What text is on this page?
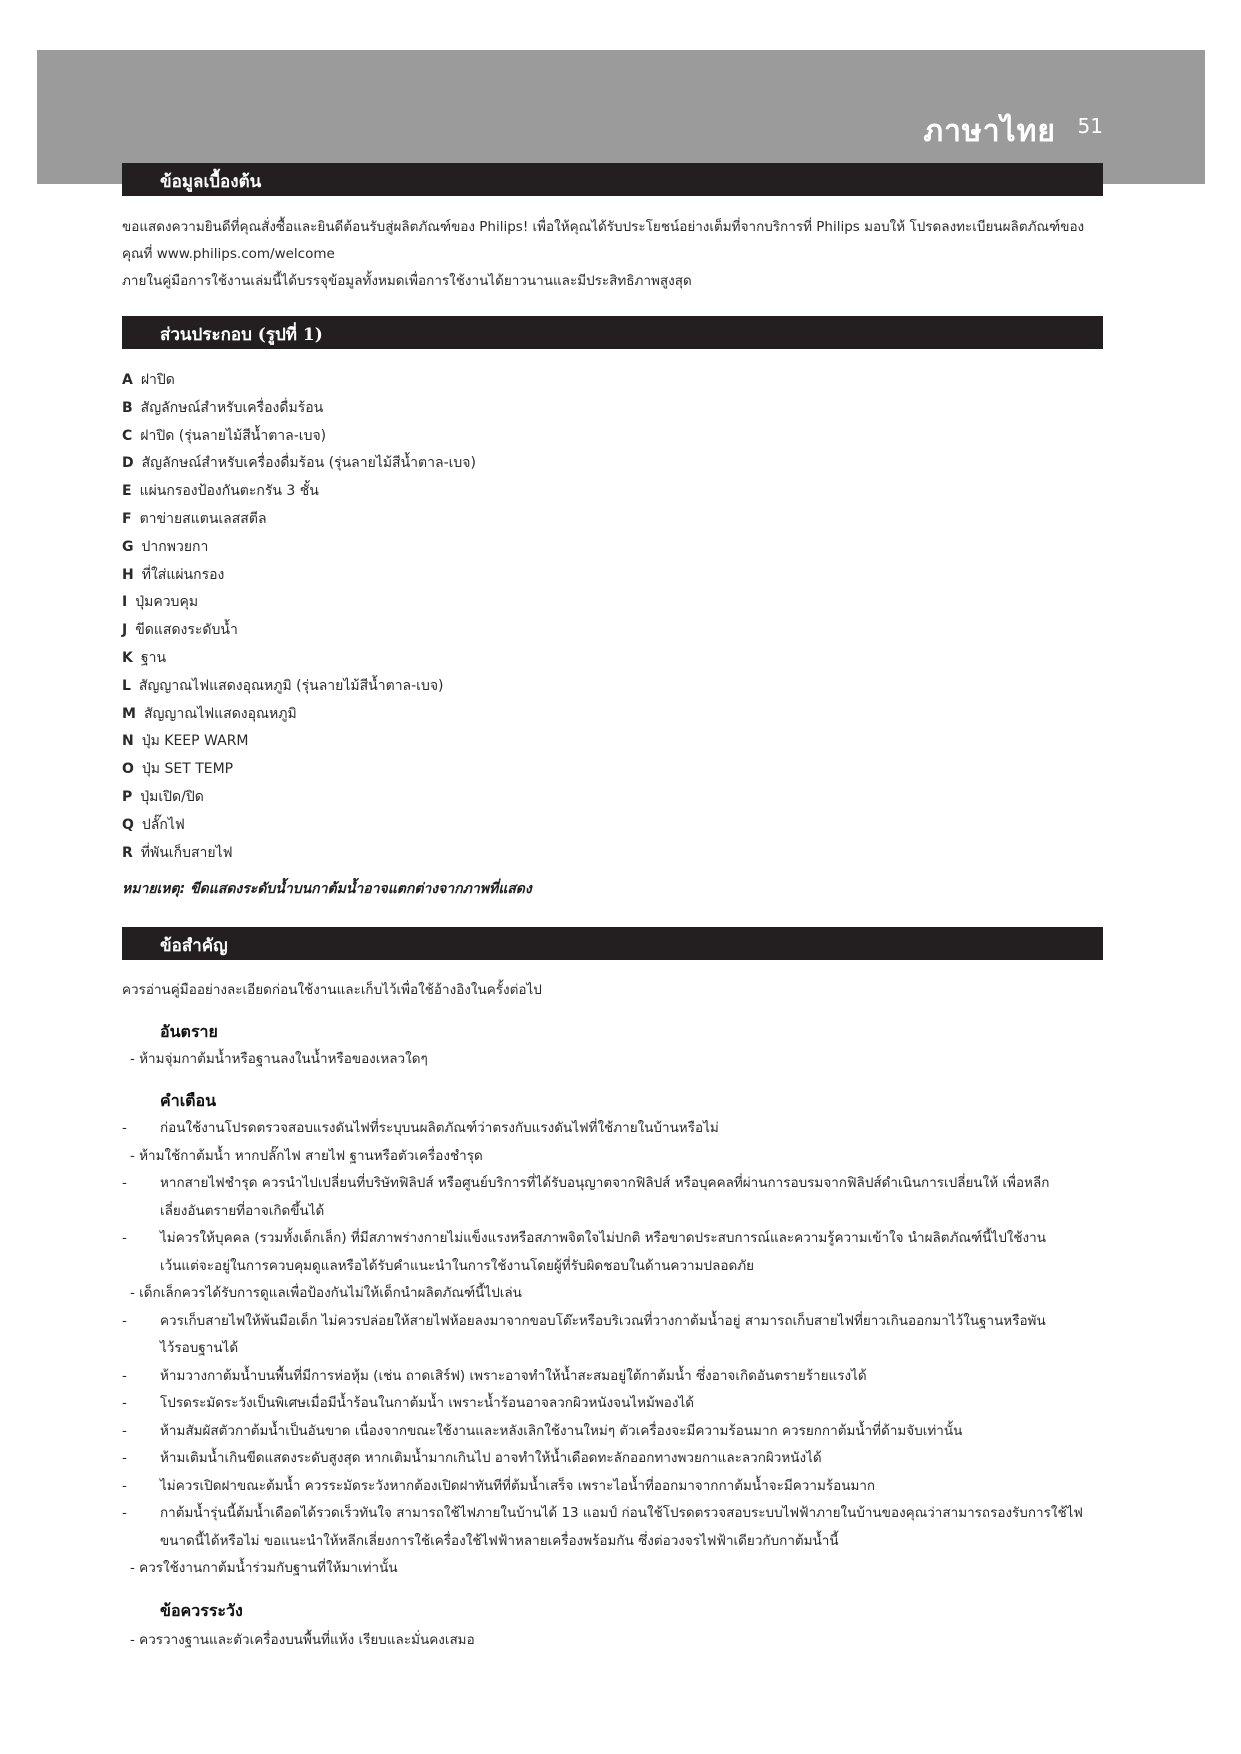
ภาษาไทย	51
ข้อมูลเบื้องต้น
ขอแสดงความยินดีที่คุณสั่งซื้อและยินดีต้อนรับสู่ผลิตภัณฑ์ของ Philips! เพื่อให้คุณได้รับประโยชน์อย่างเต็มที่จากบริการที่ Philips มอบให้ โปรดลงทะเบียนผลิตภัณฑ์ของ
คุณที่ www.philips.com/welcome
ภายในคู่มือการใช้งานเล่มนี้ได้บรรจุข้อมูลทั้งหมดเพื่อการใช้งานได้ยาวนานและมีประสิทธิภาพสูงสุด
ส่วนประกอบ (รูปที่ 1)
A ฝาปิด
B สัญลักษณ์สำหรับเครื่องดื่มร้อน
C ฝาปิด (รุ่นลายไม้สีน้ำตาล-เบจ)
D สัญลักษณ์สำหรับเครื่องดื่มร้อน (รุ่นลายไม้สีน้ำตาล-เบจ)
E แผ่นกรองป้องกันตะกรัน 3 ชั้น
F ตาข่ายสแตนเลสสตีล
G ปากพวยกา
H ที่ใส่แผ่นกรอง
I ปุ่มควบคุม
J ขีดแสดงระดับน้ำ
K ฐาน
L สัญญาณไฟแสดงอุณหภูมิ (รุ่นลายไม้สีน้ำตาล-เบจ)
M สัญญาณไฟแสดงอุณหภูมิ
N ปุ่ม KEEP WARM
O ปุ่ม SET TEMP
P ปุ่มเปิด/ปิด
Q ปลั๊กไฟ
R ที่พันเก็บสายไฟ
หมายเหตุ: ขีดแสดงระดับน้ำบนกาต้มน้ำอาจแตกต่างจากภาพที่แสดง
ข้อสำคัญ
ควรอ่านคู่มืออย่างละเอียดก่อนใช้งานและเก็บไว้เพื่อใช้อ้างอิงในครั้งต่อไป
อันตราย
- ห้ามจุ่มกาต้มน้ำหรือฐานลงในน้ำหรือของเหลวใดๆ
คำเตือน
- ก่อนใช้งานโปรดตรวจสอบแรงดันไฟที่ระบุบนผลิตภัณฑ์ว่าตรงกับแรงดันไฟที่ใช้ภายในบ้านหรือไม่
- ห้ามใช้กาต้มน้ำ หากปลั๊กไฟ สายไฟ ฐานหรือตัวเครื่องชำรุด
- หากสายไฟชำรุด ควรนำไปเปลี่ยนที่บริษัทฟิลิปส์ หรือศูนย์บริการที่ได้รับอนุญาตจากฟิลิปส์ หรือบุคคลที่ผ่านการอบรมจากฟิลิปส์ดำเนินการเปลี่ยนให้ เพื่อหลีก
เลี่ยงอันตรายที่อาจเกิดขึ้นได้
- ไม่ควรให้บุคคล (รวมทั้งเด็กเล็ก) ที่มีสภาพร่างกายไม่แข็งแรงหรือสภาพจิตใจไม่ปกติ หรือขาดประสบการณ์และความรู้ความเข้าใจ นำผลิตภัณฑ์นี้ไปใช้งาน
เว้นแต่จะอยู่ในการควบคุมดูแลหรือได้รับคำแนะนำในการใช้งานโดยผู้ที่รับผิดชอบในด้านความปลอดภัย
- เด็กเล็กควรได้รับการดูแลเพื่อป้องกันไม่ให้เด็กนำผลิตภัณฑ์นี้ไปเล่น
- ควรเก็บสายไฟให้พ้นมือเด็ก ไม่ควรปล่อยให้สายไฟห้อยลงมาจากขอบโต๊ะหรือบริเวณที่วางกาต้มน้ำอยู่ สามารถเก็บสายไฟที่ยาวเกินออกมาไว้ในฐานหรือพัน
ไว้รอบฐานได้
- ห้ามวางกาต้มน้ำบนพื้นที่มีการห่อหุ้ม (เช่น ถาดเสิร์ฟ) เพราะอาจทำให้น้ำสะสมอยู่ใต้กาต้มน้ำ ซึ่งอาจเกิดอันตรายร้ายแรงได้
- โปรดระมัดระวังเป็นพิเศษเมื่อมีน้ำร้อนในกาต้มน้ำ เพราะน้ำร้อนอาจลวกผิวหนังจนไหม้พองได้
- ห้ามสัมผัสตัวกาต้มน้ำเป็นอันขาด เนื่องจากขณะใช้งานและหลังเลิกใช้งานใหม่ๆ ตัวเครื่องจะมีความร้อนมาก ควรยกกาต้มน้ำที่ด้ามจับเท่านั้น
- ห้ามเติมน้ำเกินขีดแสดงระดับสูงสุด หากเติมน้ำมากเกินไป อาจทำให้น้ำเดือดทะลักออกทางพวยกาและลวกผิวหนังได้
- ไม่ควรเปิดฝาขณะต้มน้ำ ควรระมัดระวังหากต้องเปิดฝาทันทีที่ต้มน้ำเสร็จ เพราะไอน้ำที่ออกมาจากกาต้มน้ำจะมีความร้อนมาก
- กาต้มน้ำรุ่นนี้ต้มน้ำเดือดได้รวดเร็วทันใจ สามารถใช้ไฟภายในบ้านได้ 13 แอมป์ ก่อนใช้โปรดตรวจสอบระบบไฟฟ้าภายในบ้านของคุณว่าสามารถรองรับการใช้ไฟ
ขนาดนี้ได้หรือไม่ ขอแนะนำให้หลีกเลี่ยงการใช้เครื่องใช้ไฟฟ้าหลายเครื่องพร้อมกัน ซึ่งต่อวงจรไฟฟ้าเดียวกับกาต้มน้ำนี้
- ควรใช้งานกาต้มน้ำร่วมกับฐานที่ให้มาเท่านั้น
ข้อควรระวัง
- ควรวางฐานและตัวเครื่องบนพื้นที่แห้ง เรียบและมั่นคงเสมอ
